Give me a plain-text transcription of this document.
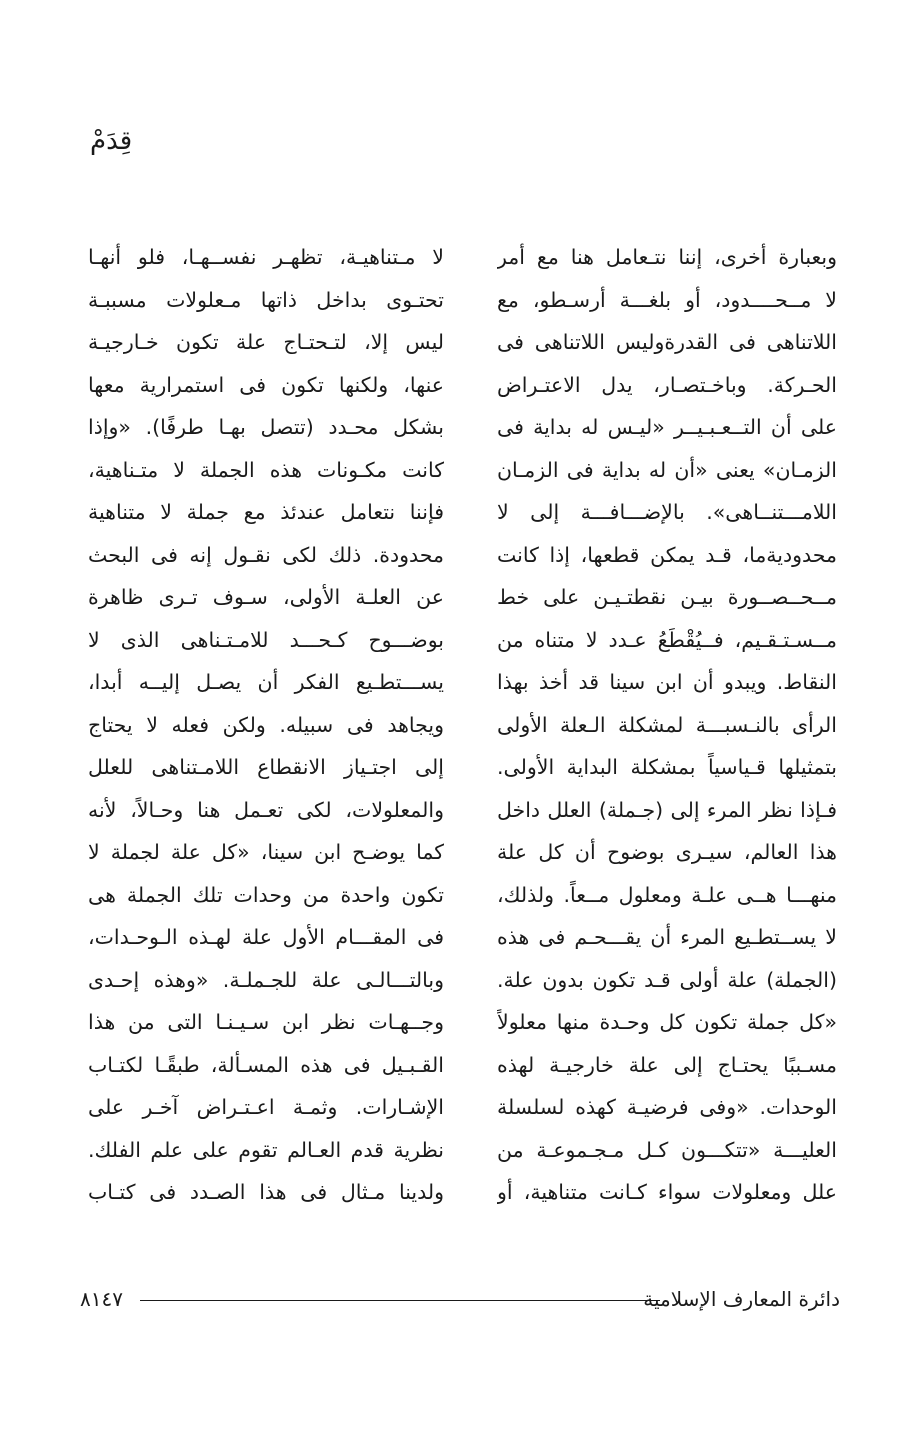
قِدَمْ
وبعبارة أخرى، إننا نتـعامل هنا مع أمر
لا مــحــــدود، أو بلغـــة أرسـطو، مع
اللاتناهى فى القدرةوليس اللاتناهى فى
الحـركة. وباخـتصـار، يدل الاعتـراض
على أن التــعـبـيــر «ليـس له بداية فى
الزمـان» يعنى «أن له بداية فى الزمـان
اللامـــتنــاهى». بالإضـــافـــة إلى لا
محدوديةما، قـد يمكن قطعها، إذا كانت
مــحــصــورة بيـن نقطتـيـن على خط
مــسـتـقـيم، فــيُقْطَعُ عـدد لا متناه من
النقاط. ويبدو أن ابن سينا قد أخذ بهذا
الرأى بالنـسبـــة لمشكلة الـعلة الأولى
بتمثيلها قـياسياً بمشكلة البداية الأولى.
فـإذا نظر المرء إلى (جـملة) العلل داخل
هذا العالم، سيـرى بوضوح أن كل علة
منهـــا هــى علـة ومعلول مــعاً. ولذلك،
لا يســتطـيع المرء أن يقـــحـم فى هذه
(الجملة) علة أولى قـد تكون بدون علة.
«كل جملة تكون كل وحـدة منها معلولاً
مسـببًا يحتـاج إلى علة خارجيـة لهذه
الوحدات. «وفى فرضيـة كهذه لسلسلة
العليـــة «تتكـــون كـل مـجـموعـة من
علل ومعلولات سواء كـانت متناهية، أو
لا مـتناهيـة، تظهـر نفســهـا، فلو أنهـا
تحتـوى بداخل ذاتها مـعلولات مسببـة
ليس إلا، لتـحتـاج علة تكون خـارجيـة
عنها، ولكنها تكون فى استمرارية معها
بشكل محـدد (تتصل بهـا طرفًا). «وإذا
كانت مكـونات هذه الجملة لا متـناهية،
فإننا نتعامل عندئذ مع جملة لا متناهية
محدودة. ذلك لكى نقـول إنه فى البحث
عن العلـة الأولى، سـوف تـرى ظاهرة
بوضـــوح كـحـــد للامـتـناهى الذى لا
يســـتطـيع الفكر أن يصـل إليــه أبدا،
ويجاهد فى سبيله. ولكن فعله لا يحتاج
إلى اجتـياز الانقطاع اللامـتناهى للعلل
والمعلولات، لكى تعـمل هنا وحـالاً، لأنه
كما يوضـح ابن سينا، «كل علة لجملة لا
تكون واحدة من وحدات تلك الجملة هى
فى المقـــام الأول علة لهـذه الـوحـدات،
وبالتـــالـى علة للجـملـة. «وهذه إحـدى
وجــهـات نظر ابن سـيـنـا التى من هذا
القـبـيل فى هذه المسـألة، طبقًـا لكتـاب
الإشـارات. وثمـة اعـتـراض آخـر على
نظرية قدم العـالم تقوم على علم الفلك.
ولدينا مـثال فى هذا الصـدد فى كتـاب
دائرة المعارف الإسلامية
٨١٤٧
